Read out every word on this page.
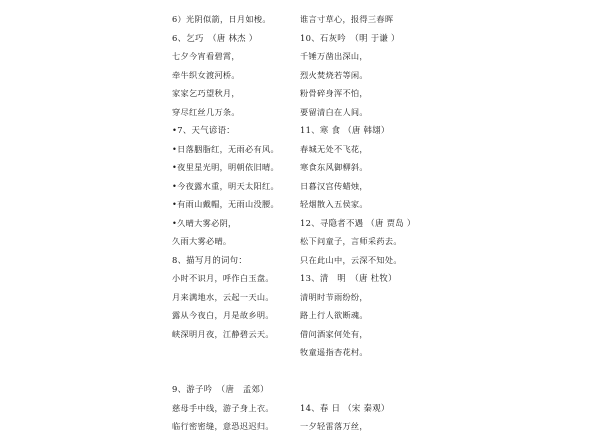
6）光阴似箭，日月如梭。
6、乞巧　（唐 林杰 ）
七夕今宵看碧霄，
牵牛织女渡河桥。
家家乞巧望秋月，
穿尽红丝几万条。
•7、天气谚语：
•日落胭脂红，无雨必有风。
•夜里星光明，明朝依旧晴。
•今夜露水重，明天太阳红。
•有雨山戴帽，无雨山没腰。
•久晴大雾必阴，
久雨大雾必晴。
8、描写月的词句：
小时不识月，呼作白玉盘。
月来满地水，云起一天山。
露从今夜白，月是故乡明。
峡深明月夜，江静碧云天。
9、游子吟　（唐　孟郊）
慈母手中线，游子身上衣。
临行密密缝，意恐迟迟归。
谁言寸草心，报得三春晖
10、石灰吟　（明 于谦 ）
千锤万凿出深山，
烈火焚烧若等闲。
粉骨碎身浑不怕，
要留清白在人间。
11、寒 食 （唐 韩翃）
春城无处不飞花，
寒食东风御柳斜。
日暮汉宫传蜡烛，
轻烟散入五侯家。
12、寻隐者不遇 （唐 贾岛 ）
松下问童子，言师采药去。
只在此山中，云深不知处。
13、清　明　（唐 杜牧）
清明时节雨纷纷，
路上行人欲断魂。
借问酒家何处有，
牧童遥指杏花村。
14、春 日 （宋 秦观）
一夕轻雷落万丝，
